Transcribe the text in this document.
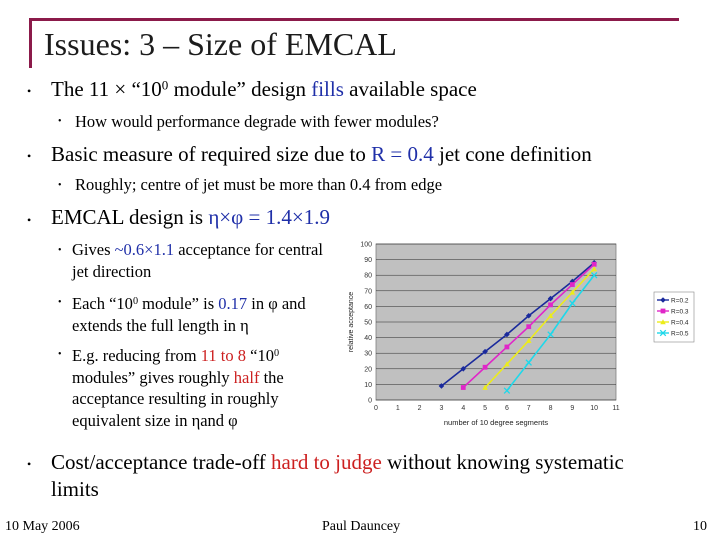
Issues: 3 – Size of EMCAL
• The $11 \times “10^0$ module” design fills available space
• How would performance degrade with fewer modules?
• Basic measure of required size due to R = 0.4 jet cone definition
• Roughly; centre of jet must be more than 0.4 from edge
• EMCAL design is η×φ = 1.4×1.9
• Gives ~0.6×1.1 acceptance for central jet direction
• Each “$10^0$ module” is 0.17 in φ and extends the full length in η
• E.g. reducing from 11 to 8 “$10^0$ modules” gives roughly half the acceptance resulting in roughly equivalent size in ηand φ
• Cost/acceptance trade-off hard to judge without knowing systematic limits
0
10
20
30
40
50
60
70
80
90
100
0	1	2	3	4	5	6	7	8	9 10 11
number of 10 degree segments
relative acceptance	R=0.2
R=0.3
R=0.4
R=0.5
10 May 2006	Paul Dauncey	10
